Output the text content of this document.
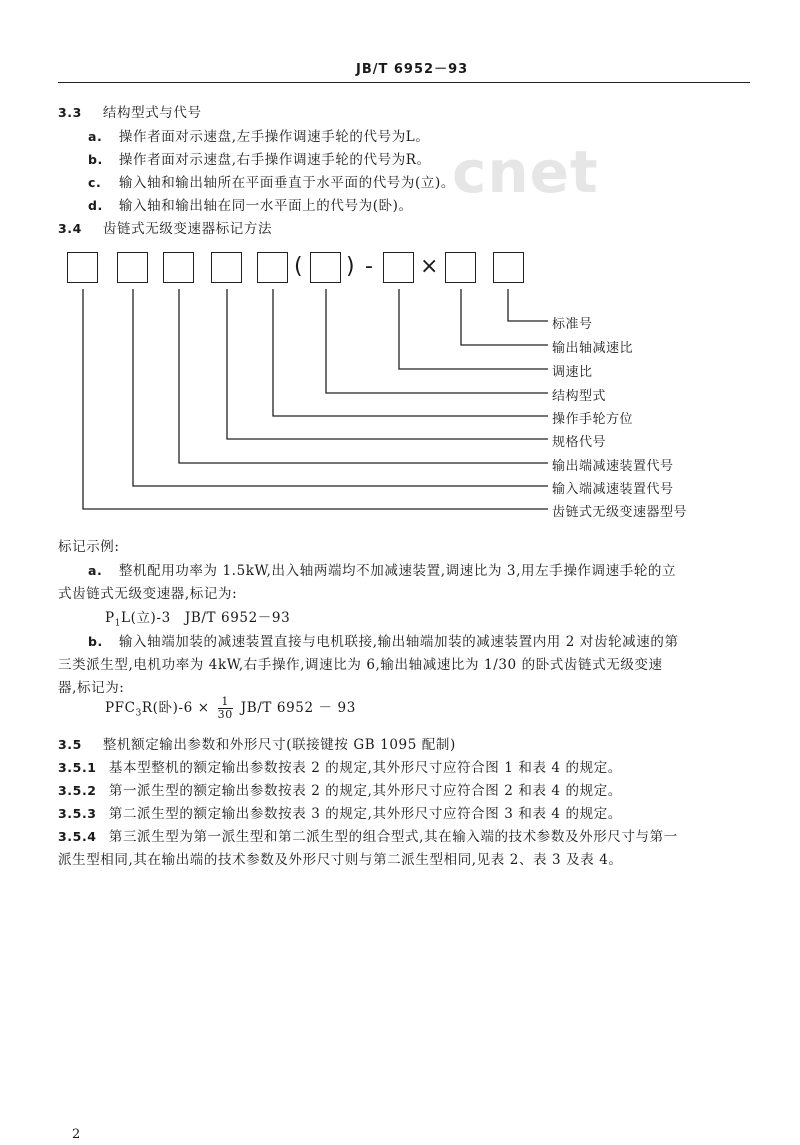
JB/T 6952－93
cnet
3.3 结构型式与代号
a. 操作者面对示速盘,左手操作调速手轮的代号为L。
b. 操作者面对示速盘,右手操作调速手轮的代号为R。
c. 输入轴和输出轴所在平面垂直于水平面的代号为(立)。
d. 输入轴和输出轴在同一水平面上的代号为(卧)。
3.4 齿链式无级变速器标记方法
( ) - ×
标准号
输出轴减速比
调速比
结构型式
操作手轮方位
规格代号
输出端减速装置代号
输入端减速装置代号
齿链式无级变速器型号
标记示例:
a. 整机配用功率为 1.5kW,出入轴两端均不加减速装置,调速比为 3,用左手操作调速手轮的立
式齿链式无级变速器,标记为:
$P_1L$(立)-3　JB/T 6952－93
b. 输入轴端加装的减速装置直接与电机联接,输出轴端加装的减速装置内用 2 对齿轮减速的第
三类派生型,电机功率为 4kW,右手操作,调速比为 6,输出轴减速比为 1/30 的卧式齿链式无级变速
器,标记为:
$PFC_3R$(卧)$-6 \times \frac{1}{30} JB/T$ 6952 － 93
3.5 整机额定输出参数和外形尺寸(联接键按 GB 1095 配制)
3.5.1 基本型整机的额定输出参数按表 2 的规定,其外形尺寸应符合图 1 和表 4 的规定。
3.5.2 第一派生型的额定输出参数按表 2 的规定,其外形尺寸应符合图 2 和表 4 的规定。
3.5.3 第二派生型的额定输出参数按表 3 的规定,其外形尺寸应符合图 3 和表 4 的规定。
3.5.4 第三派生型为第一派生型和第二派生型的组合型式,其在输入端的技术参数及外形尺寸与第一
派生型相同,其在输出端的技术参数及外形尺寸则与第二派生型相同,见表 2、表 3 及表 4。
2
